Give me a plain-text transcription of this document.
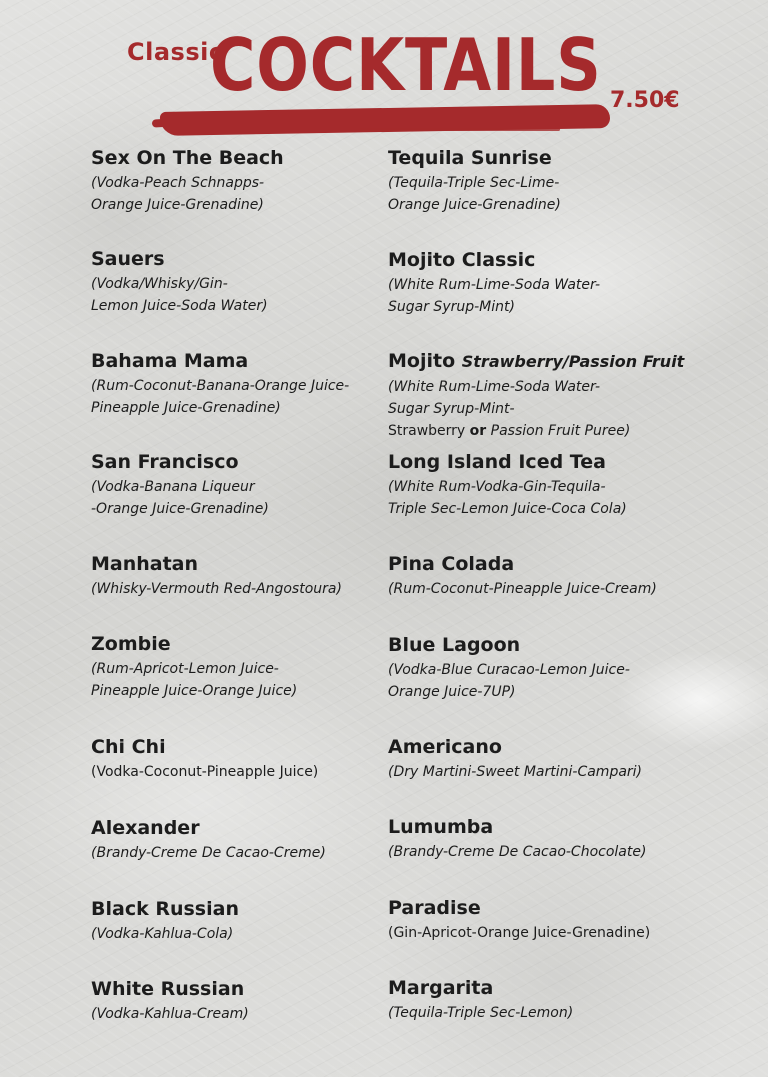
Classic
COCKTAILS 7.50€
Sex On The Beach
(Vodka-Peach Schnapps-
Orange Juice-Grenadine)
Sauers
(Vodka/Whisky/Gin-
Lemon Juice-Soda Water)
Bahama Mama
(Rum-Coconut-Banana-Orange Juice-
Pineapple Juice-Grenadine)
San Francisco
(Vodka-Banana Liqueur
-Orange Juice-Grenadine)
Manhatan
(Whisky-Vermouth Red-Angostoura)
Zombie
(Rum-Apricot-Lemon Juice-
Pineapple Juice-Orange Juice)
Chi Chi
(Vodka-Coconut-Pineapple Juice)
Alexander
(Brandy-Creme De Cacao-Creme)
Black Russian
(Vodka-Kahlua-Cola)
White Russian
(Vodka-Kahlua-Cream)
Tequila Sunrise
(Tequila-Triple Sec-Lime-
Orange Juice-Grenadine)
Mojito Classic
(White Rum-Lime-Soda Water-
Sugar Syrup-Mint)
Mojito Strawberry/Passion Fruit
(White Rum-Lime-Soda Water-
Sugar Syrup-Mint-
Strawberry or Passion Fruit Puree)
Long Island Iced Tea
(White Rum-Vodka-Gin-Tequila-
Triple Sec-Lemon Juice-Coca Cola)
Pina Colada
(Rum-Coconut-Pineapple Juice-Cream)
Blue Lagoon
(Vodka-Blue Curacao-Lemon Juice-
Orange Juice-7UP)
Americano
(Dry Martini-Sweet Martini-Campari)
Lumumba
(Brandy-Creme De Cacao-Chocolate)
Paradise
(Gin-Apricot-Orange Juice-Grenadine)
Margarita
(Tequila-Triple Sec-Lemon)
